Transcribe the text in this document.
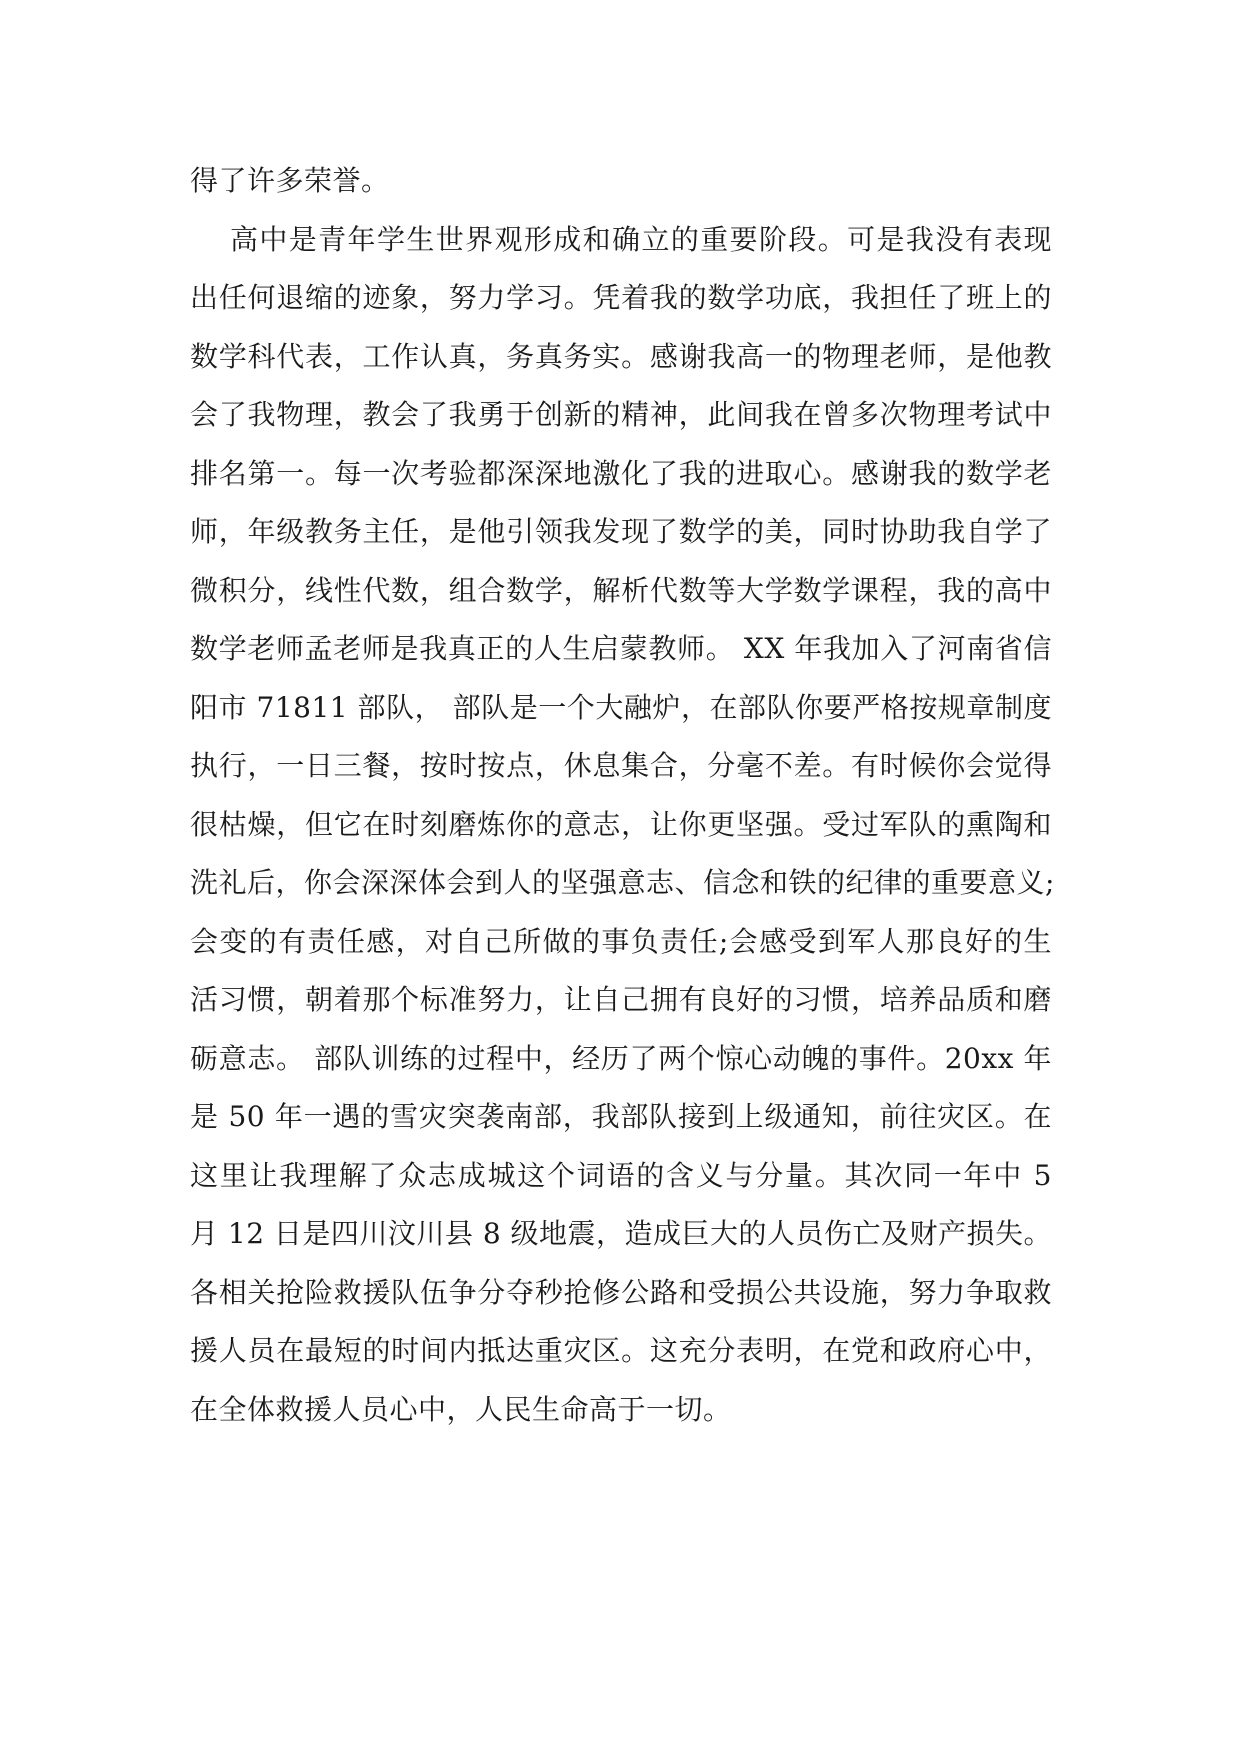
得了许多荣誉。
高中是青年学生世界观形成和确立的重要阶段。可是我没有表现
出任何退缩的迹象，努力学习。凭着我的数学功底，我担任了班上的
数学科代表，工作认真，务真务实。感谢我高一的物理老师，是他教
会了我物理，教会了我勇于创新的精神，此间我在曾多次物理考试中
排名第一。每一次考验都深深地激化了我的进取心。感谢我的数学老
师，年级教务主任，是他引领我发现了数学的美，同时协助我自学了
微积分，线性代数，组合数学，解析代数等大学数学课程，我的高中
数学老师孟老师是我真正的人生启蒙教师。 XX 年我加入了河南省信
阳市 71811 部队， 部队是一个大融炉，在部队你要严格按规章制度
执行，一日三餐，按时按点，休息集合，分毫不差。有时候你会觉得
很枯燥，但它在时刻磨炼你的意志，让你更坚强。受过军队的熏陶和
洗礼后，你会深深体会到人的坚强意志、信念和铁的纪律的重要意义;
会变的有责任感，对自己所做的事负责任;会感受到军人那良好的生
活习惯，朝着那个标准努力，让自己拥有良好的习惯，培养品质和磨
砺意志。 部队训练的过程中，经历了两个惊心动魄的事件。20xx 年
是 50 年一遇的雪灾突袭南部，我部队接到上级通知，前往灾区。在
这里让我理解了众志成城这个词语的含义与分量。其次同一年中 5
月 12 日是四川汶川县 8 级地震，造成巨大的人员伤亡及财产损失。
各相关抢险救援队伍争分夺秒抢修公路和受损公共设施，努力争取救
援人员在最短的时间内抵达重灾区。这充分表明，在党和政府心中，
在全体救援人员心中，人民生命高于一切。
